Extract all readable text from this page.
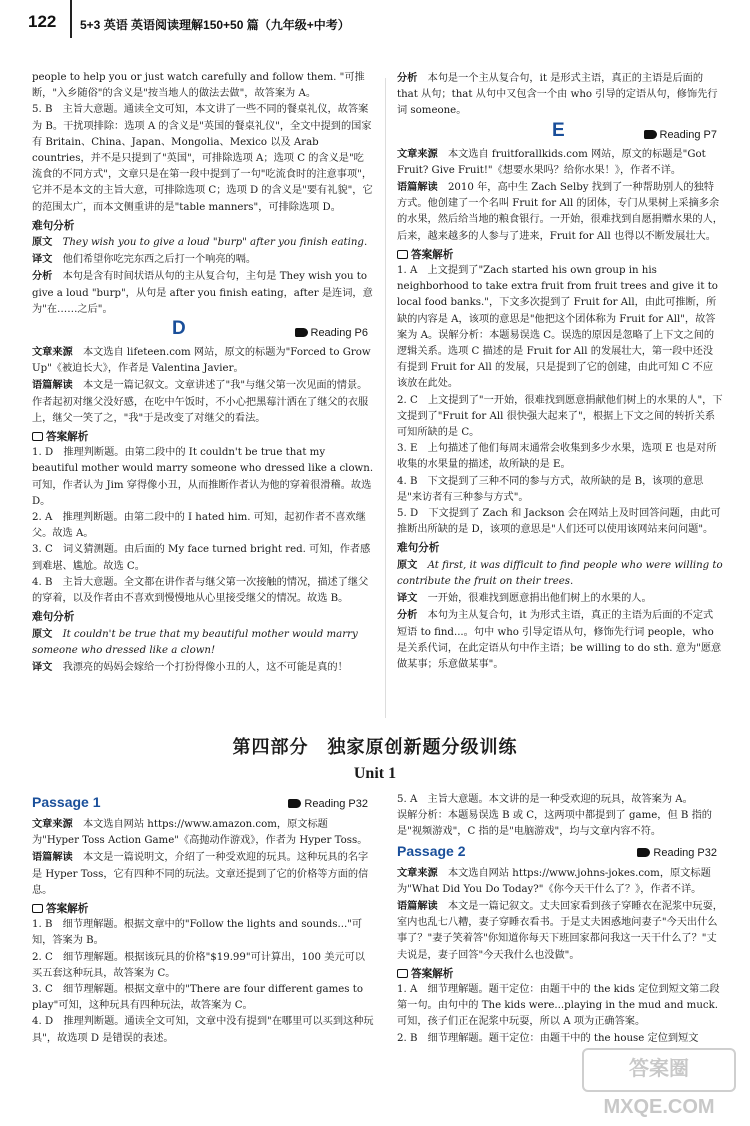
122 5+3 英语 英语阅读理解150+50 篇（九年级+中考）

people to help you or just watch carefully and follow them. "可推断，"入乡随俗"的含义是"按当地人的做法去做"，故答案为 A。

5. B　主旨大意题。通读全文可知，本文讲了一些不同的餐桌礼仪，故答案为 B。干扰项排除：选项 A 的含义是"英国的餐桌礼仪"，全文中提到的国家有 Britain、China、Japan、Mongolia、Mexico 以及 Arab countries，并不是只提到了"英国"，可排除选项 A；选项 C 的含义是"吃流食的不同方式"，文章只是在第一段中提到了一句"吃流食时的注意事项"，它并不是本文的主旨大意，可排除选项 C；选项 D 的含义是"要有礼貌"，它的范围太广，而本文侧重讲的是"table manners"，可排除选项 D。

难句分析

原文　 They wish you to give a loud "burp" after you finish eating.

译文　 他们希望你吃完东西之后打一个响亮的嗝。

分析　 本句是含有时间状语从句的主从复合句，主句是 They wish you to give a loud "burp"，从句是 after you finish eating，after 是连词，意为"在……之后"。

D	Reading P6

文章来源　 本文选自 lifeteen.com 网站，原文的标题为"Forced to Grow Up"《被迫长大》，作者是 Valentina Javier。

语篇解读　 本文是一篇记叙文。文章讲述了"我"与继父第一次见面的情景。作者起初对继父没好感，在吃中午饭时，不小心把黑莓汁洒在了继父的衣服上，继父一笑了之，"我"于是改变了对继父的看法。

答案解析

1. D　推理判断题。由第二段中的 It couldn't be true that my beautiful mother would marry someone who dressed like a clown. 可知，作者认为 Jim 穿得像小丑，从而推断作者认为他的穿着很滑稽。故选 D。

2. A　推理判断题。由第二段中的 I hated him. 可知，起初作者不喜欢继父。故选 A。

3. C　词义猜测题。由后面的 My face turned bright red. 可知，作者感到难堪、尴尬。故选 C。

4. B　主旨大意题。全文都在讲作者与继父第一次接触的情况，描述了继父的穿着，以及作者由不喜欢到慢慢地从心里接受继父的情况。故选 B。

难句分析

原文　 It couldn't be true that my beautiful mother would marry someone who dressed like a clown!

译文　 我漂亮的妈妈会嫁给一个打扮得像小丑的人，这不可能是真的！

分析　 本句是一个主从复合句，it 是形式主语，真正的主语是后面的 that 从句；that 从句中又包含一个由 who 引导的定语从句，修饰先行词 someone。

E	Reading P7

文章来源　 本文选自 fruitforallkids.com 网站，原文的标题是"Got Fruit? Give Fruit!"《想要水果吗？给你水果！》，作者不详。

语篇解读　 2010 年，高中生 Zach Selby 找到了一种帮助别人的独特方式。他创建了一个名叫 Fruit for All 的团体，专门从果树上采摘多余的水果，然后给当地的粮食银行。一开始，很难找到自愿捐赠水果的人，后来，越来越多的人参与了进来，Fruit for All 也得以不断发展壮大。

答案解析

1. A　上文提到了"Zach started his own group in his neighborhood to take extra fruit from fruit trees and give it to local food banks."，下文多次提到了 Fruit for All，由此可推断，所缺的内容是 A，该项的意思是"他把这个团体称为 Fruit for All"，故答案为 A。误解分析：本题易误选 C。误选的原因是忽略了上下文之间的逻辑关系。选项 C 描述的是 Fruit for All 的发展壮大，第一段中还没有提到 Fruit for All 的发展，只是提到了它的创建，由此可知 C 不应该放在此处。

2. C　上文提到了"一开始，很难找到愿意捐献他们树上的水果的人"，下文提到了"Fruit for All 很快强大起来了"，根据上下文之间的转折关系可知所缺的是 C。

3. E　上句描述了他们每周末通常会收集到多少水果，选项 E 也是对所收集的水果量的描述，故所缺的是 E。

4. B　下文提到了三种不同的参与方式，故所缺的是 B，该项的意思是"来访者有三种参与方式"。

5. D　下文提到了 Zach 和 Jackson 会在网站上及时回答问题，由此可推断出所缺的是 D，该项的意思是"人们还可以使用该网站来问问题"。

难句分析

原文　 At first, it was difficult to find people who were willing to contribute the fruit on their trees.

译文　 一开始，很难找到愿意捐出他们树上的水果的人。

分析　 本句为主从复合句，it 为形式主语，真正的主语为后面的不定式短语 to find...。句中 who 引导定语从句，修饰先行词 people，who 是关系代词，在此定语从句中作主语；be willing to do sth. 意为"愿意做某事；乐意做某事"。

第四部分　独家原创新题分级训练
Unit 1
Passage 1	Reading P32

文章来源　 本文选自网站 https://www.amazon.com，原文标题为"Hyper Toss Action Game"《高抛动作游戏》，作者为 Hyper Toss。

语篇解读　 本文是一篇说明文，介绍了一种受欢迎的玩具。这种玩具的名字是 Hyper Toss，它有四种不同的玩法。文章还提到了它的价格等方面的信息。

答案解析

1. B　细节理解题。根据文章中的"Follow the lights and sounds..."可知，答案为 B。

2. C　细节理解题。根据该玩具的价格"$19.99"可计算出，100 美元可以买五套这种玩具，故答案为 C。

3. C　细节理解题。根据文章中的"There are four different games to play"可知，这种玩具有四种玩法，故答案为 C。

4. D　推理判断题。通读全文可知，文章中没有提到"在哪里可以买到这种玩具"，故选项 D 是错误的表述。

5. A　主旨大意题。本文讲的是一种受欢迎的玩具，故答案为 A。

误解分析：本题易误选 B 或 C，这两项中都提到了 game，但 B 指的是"视频游戏"，C 指的是"电脑游戏"，均与文章内容不符。

Passage 2	Reading P32

文章来源　 本文选自网站 https://www.johns-jokes.com，原文标题为"What Did You Do Today?"《你今天干什么了？》，作者不详。

语篇解读　 本文是一篇记叙文。丈夫回家看到孩子穿睡衣在泥浆中玩耍，室内也乱七八糟，妻子穿睡衣看书。于是丈夫困惑地问妻子"今天出什么事了？"妻子笑着答"你知道你每天下班回家都问我这一天干什么了？"丈夫说是，妻子回答"今天我什么也没做"。

答案解析

1. A　细节理解题。题干定位：由题干中的 the kids 定位到短文第二段第一句。由句中的 The kids were...playing in the mud and muck. 可知，孩子们正在泥浆中玩耍，所以 A 项为正确答案。

2. B　细节理解题。题干定位：由题干中的 the house 定位到短文

答案圈 MXQE.COM
